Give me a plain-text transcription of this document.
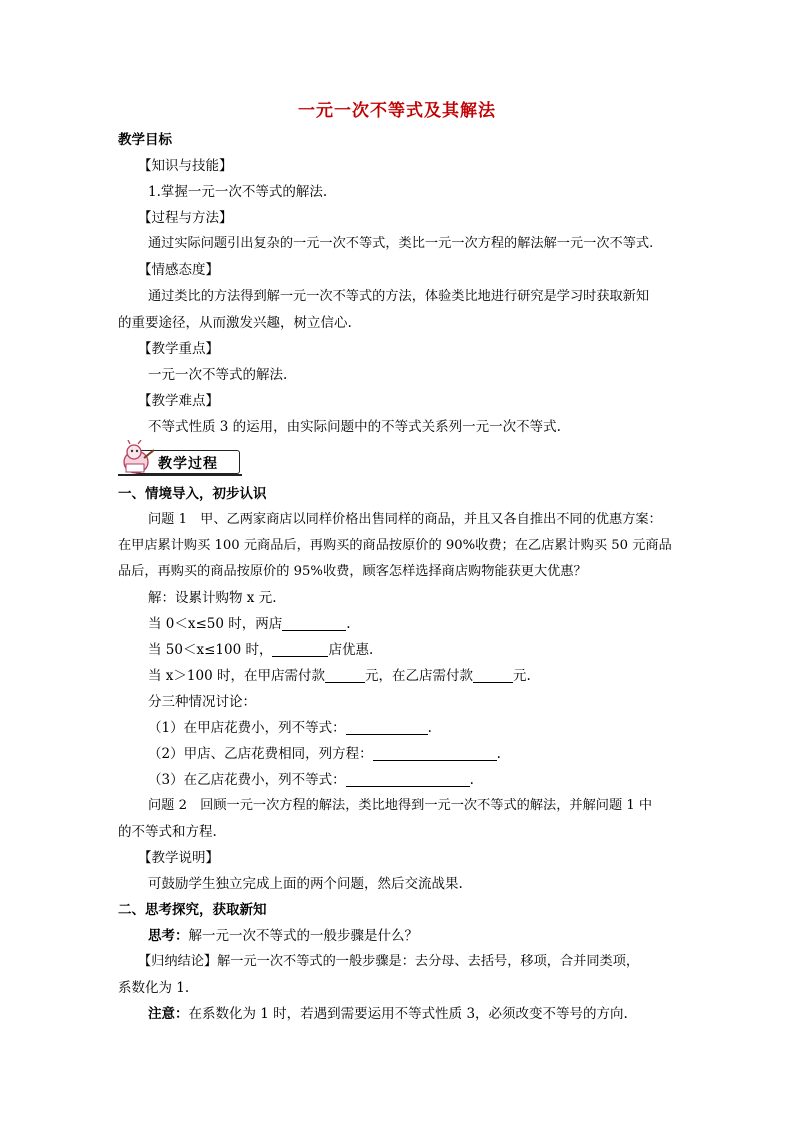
一元一次不等式及其解法
教学目标
【知识与技能】
1.掌握一元一次不等式的解法.
【过程与方法】
通过实际问题引出复杂的一元一次不等式，类比一元一次方程的解法解一元一次不等式.
【情感态度】
通过类比的方法得到解一元一次不等式的方法，体验类比地进行研究是学习时获取新知
的重要途径，从而激发兴趣，树立信心.
【教学重点】
一元一次不等式的解法.
【教学难点】
不等式性质 3 的运用，由实际问题中的不等式关系列一元一次不等式.
教学过程
一、情境导入，初步认识
问题 1　甲、乙两家商店以同样价格出售同样的商品，并且又各自推出不同的优惠方案：
在甲店累计购买 100 元商品后，再购买的商品按原价的 90%收费；在乙店累计购买 50 元商品
品后，再购买的商品按原价的 95%收费，顾客怎样选择商店购物能获更大优惠？
解：设累计购物 x 元.
当 0＜x≤50 时，两店	.
当 50＜x≤100 时，	店优惠.
当 x＞100 时，在甲店需付款	元，在乙店需付款	元.
分三种情况讨论：
（1）在甲店花费小，列不等式：	.
（2）甲店、乙店花费相同，列方程：	.
（3）在乙店花费小，列不等式：	.
问题 2　回顾一元一次方程的解法，类比地得到一元一次不等式的解法，并解问题 1 中
的不等式和方程.
【教学说明】
可鼓励学生独立完成上面的两个问题，然后交流战果.
二、思考探究，获取新知
思考：解一元一次不等式的一般步骤是什么？
【归纳结论】解一元一次不等式的一般步骤是：去分母、去括号，移项，合并同类项，
系数化为 1.
注意：在系数化为 1 时，若遇到需要运用不等式性质 3，必须改变不等号的方向.
